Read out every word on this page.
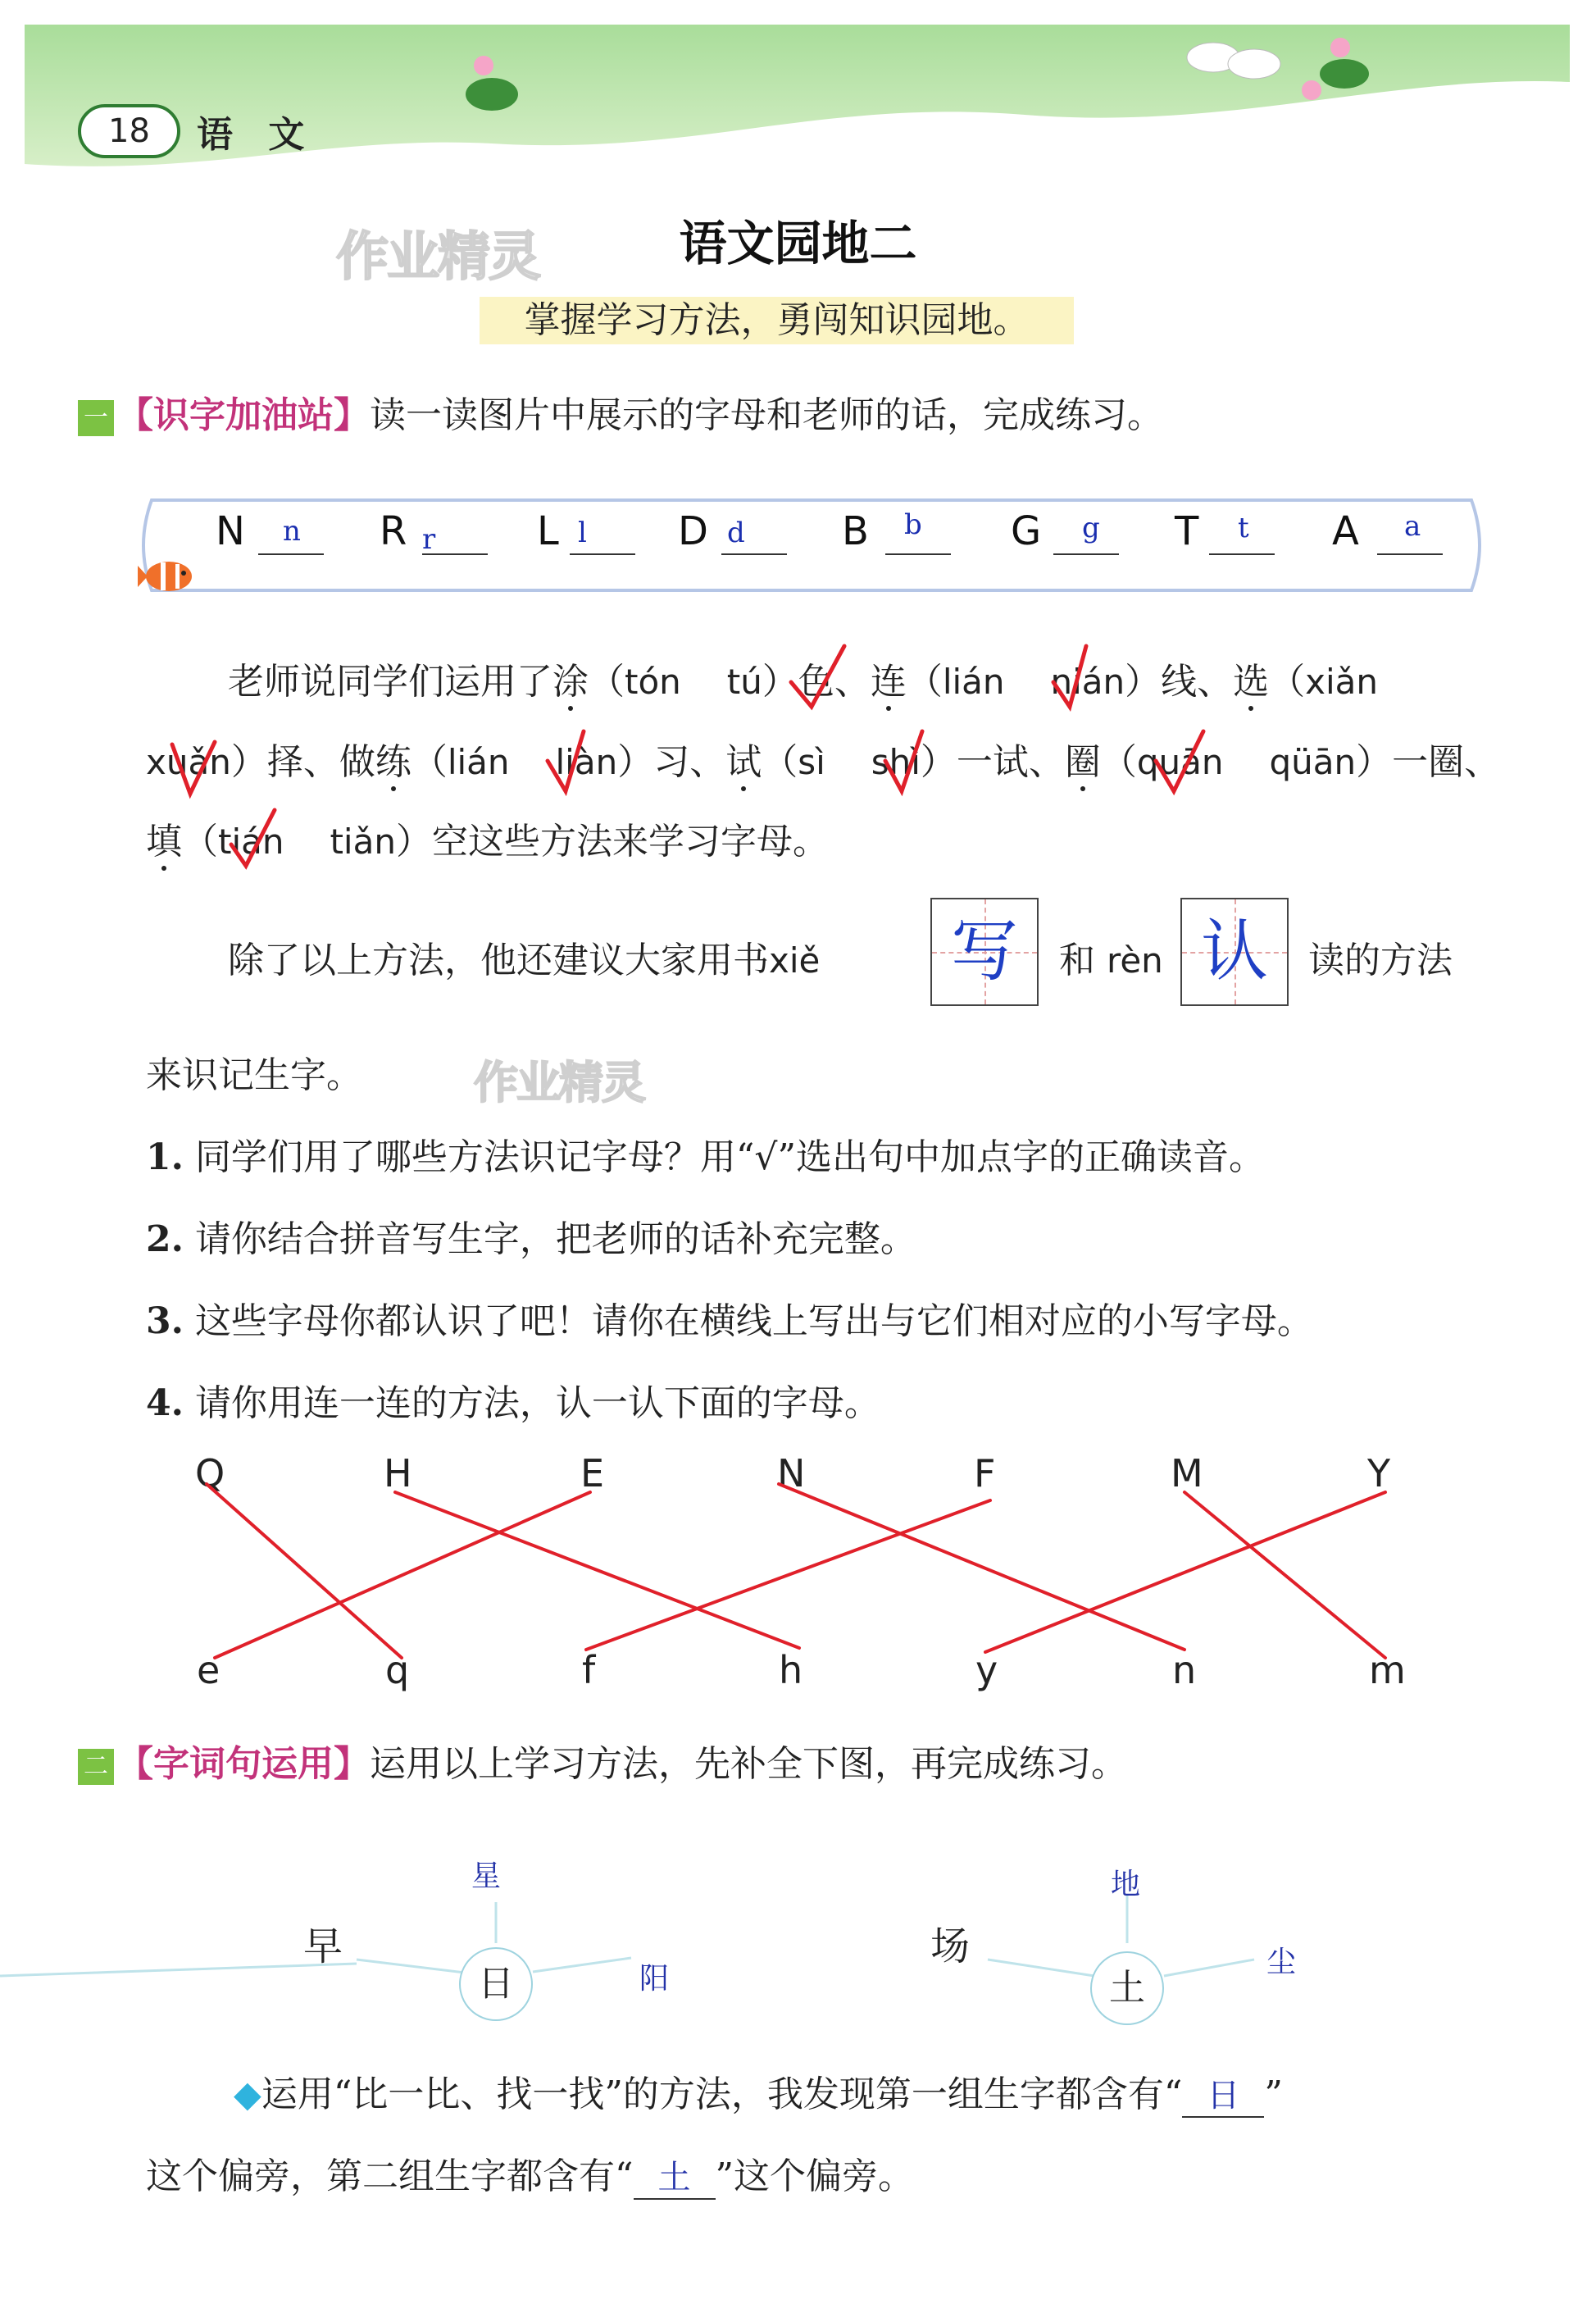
18	语 文
作业精灵
作业精灵
语文园地二
掌握学习方法，勇闯知识园地。
一 【识字加油站】读一读图片中展示的字母和老师的话，完成练习。
N n R r	L l D d B b G g T t A a
老师说同学们运用了涂（tón tú）色、连（lián nián）线、选（xiǎn
xuǎn）择、做练（lián liàn）习、试（sì shì）一试、圈（quān qüān）一圈、
填（tián tiǎn）空这些方法来学习字母。
除了以上方法，他还建议大家用书xiě 写	和 rèn 认	读的方法
来识记生字。
1. 同学们用了哪些方法识记字母？用“√”选出句中加点字的正确读音。
2. 请你结合拼音写生字，把老师的话补充完整。
3. 这些字母你都认识了吧！请你在横线上写出与它们相对应的小写字母。
4. 请你用连一连的方法，认一认下面的字母。
Q	H	E	N	F	M	Y
e	q	f	h	y	n	m
二 【字词句运用】运用以上学习方法，先补全下图，再完成练习。
早
星
阳
日
场
地
尘
土
◆运用“比一比、找一找”的方法，我发现第一组生字都含有“ 日 ”
这个偏旁，第二组生字都含有“ 土 ”这个偏旁。
